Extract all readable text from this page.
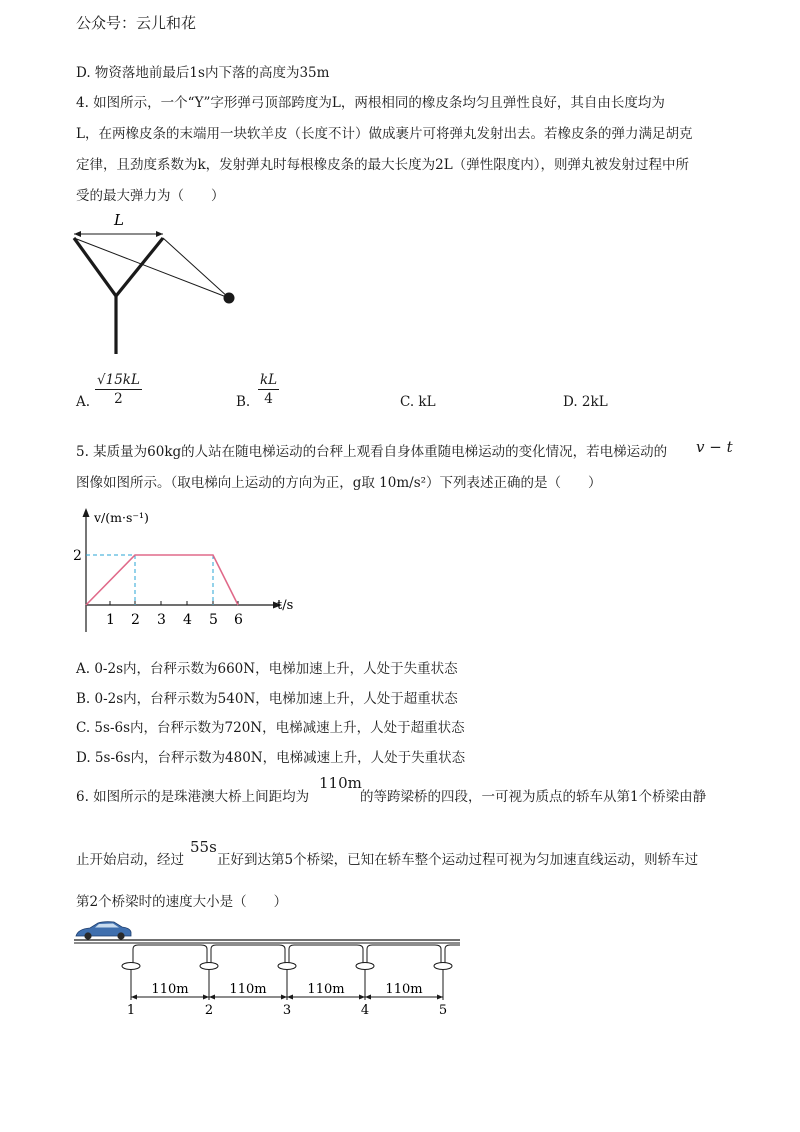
公众号：云儿和花
D. 物资落地前最后1s内下落的高度为35m
4. 如图所示，一个“Y”字形弹弓顶部跨度为L，两根相同的橡皮条均匀且弹性良好，其自由长度均为
L，在两橡皮条的末端用一块软羊皮（长度不计）做成裹片可将弹丸发射出去。若橡皮条的弹力满足胡克
定律，且劲度系数为k，发射弹丸时每根橡皮条的最大长度为2L（弹性限度内），则弹丸被发射过程中所
受的最大弹力为（　　）
L
A. $\frac{√15kL}{2}$	B. $\frac{kL}{4}$	C. kL	D. 2kL
5. 某质量为60kg的人站在随电梯运动的台秤上观看自身体重随电梯运动的变化情况，若电梯运动的 v − t
图像如图所示。（取电梯向上运动的方向为正，g取 10m/s²）下列表述正确的是（　　）
v/(m·s⁻¹)
t/s
2
1 2 3 4 5 6
A. 0-2s内，台秤示数为660N，电梯加速上升，人处于失重状态
B. 0-2s内，台秤示数为540N，电梯加速上升，人处于超重状态
C. 5s-6s内，台秤示数为720N，电梯减速上升，人处于超重状态
D. 5s-6s内，台秤示数为480N，电梯减速上升，人处于失重状态
6. 如图所示的是珠港澳大桥上间距均为
110m
的等跨梁桥的四段，一可视为质点的轿车从第1个桥梁由静
止开始启动，经过
55s
正好到达第5个桥梁，已知在轿车整个运动过程可视为匀加速直线运动，则轿车过
第2个桥梁时的速度大小是（　　）
110m	110m	110m	110m
1	2	3	4	5
